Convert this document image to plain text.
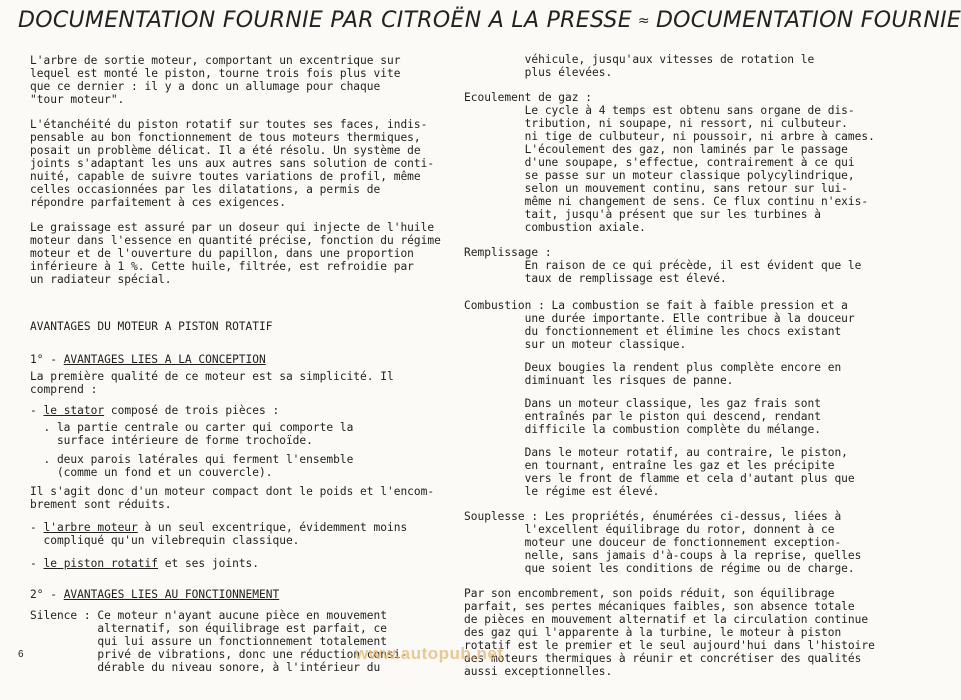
DOCUMENTATION FOURNIE PAR CITROËN A LA PRESSE ≈ DOCUMENTATION FOURNIE

L'arbre de sortie moteur, comportant un excentrique sur
lequel est monté le piston, tourne trois fois plus vite
que ce dernier : il y a donc un allumage pour chaque
"tour moteur".

L'étanchéité du piston rotatif sur toutes ses faces, indis-
pensable au bon fonctionnement de tous moteurs thermiques,
posait un problème délicat. Il a été résolu. Un système de
joints s'adaptant les uns aux autres sans solution de conti-
nuité, capable de suivre toutes variations de profil, même
celles occasionnées par les dilatations, a permis de
répondre parfaitement à ces exigences.

Le graissage est assuré par un doseur qui injecte de l'huile
moteur dans l'essence en quantité précise, fonction du régime
moteur et de l'ouverture du papillon, dans une proportion
inférieure à 1 %. Cette huile, filtrée, est refroidie par
un radiateur spécial.

AVANTAGES DU MOTEUR A PISTON ROTATIF

1° - AVANTAGES LIES A LA CONCEPTION

La première qualité de ce moteur est sa simplicité. Il
comprend :

- le stator composé de trois pièces :

. la partie centrale ou carter qui comporte la
surface intérieure de forme trochoïde.

. deux parois latérales qui ferment l'ensemble
(comme un fond et un couvercle).

Il s'agit donc d'un moteur compact dont le poids et l'encom-
brement sont réduits.

- l'arbre moteur à un seul excentrique, évidemment moins
compliqué qu'un vilebrequin classique.

- le piston rotatif et ses joints.

2° - AVANTAGES LIES AU FONCTIONNEMENT

Silence : Ce moteur n'ayant aucune pièce en mouvement
alternatif, son équilibrage est parfait, ce
qui lui assure un fonctionnement totalement
privé de vibrations, donc une réduction consi-
dérable du niveau sonore, à l'intérieur du

véhicule, jusqu'aux vitesses de rotation le
plus élevées.

Ecoulement de gaz :

Le cycle à 4 temps est obtenu sans organe de dis-
tribution, ni soupape, ni ressort, ni culbuteur.
ni tige de culbuteur, ni poussoir, ni arbre à cames.
L'écoulement des gaz, non laminés par le passage
d'une soupape, s'effectue, contrairement à ce qui
se passe sur un moteur classique polycylindrique,
selon un mouvement continu, sans retour sur lui-
même ni changement de sens. Ce flux continu n'exis-
tait, jusqu'à présent que sur les turbines à
combustion axiale.

Remplissage :

En raison de ce qui précède, il est évident que le
taux de remplissage est élevé.

Combustion : La combustion se fait à faible pression et a
une durée importante. Elle contribue à la douceur
du fonctionnement et élimine les chocs existant
sur un moteur classique.

Deux bougies la rendent plus complète encore en
diminuant les risques de panne.

Dans un moteur classique, les gaz frais sont
entraînés par le piston qui descend, rendant
difficile la combustion complète du mélange.

Dans le moteur rotatif, au contraire, le piston,
en tournant, entraîne les gaz et les précipite
vers le front de flamme et cela d'autant plus que
le régime est élevé.

Souplesse : Les propriétés, énumérées ci-dessus, liées à
l'excellent équilibrage du rotor, donnent à ce
moteur une douceur de fonctionnement exception-
nelle, sans jamais d'à-coups à la reprise, quelles
que soient les conditions de régime ou de charge.

Par son encombrement, son poids réduit, son équilibrage
parfait, ses pertes mécaniques faibles, son absence totale
de pièces en mouvement alternatif et la circulation continue
des gaz qui l'apparente à la turbine, le moteur à piston
rotatif est le premier et le seul aujourd'hui dans l'histoire
des moteurs thermiques à réunir et concrétiser des qualités
aussi exceptionnelles.

6	www.autopub.net
